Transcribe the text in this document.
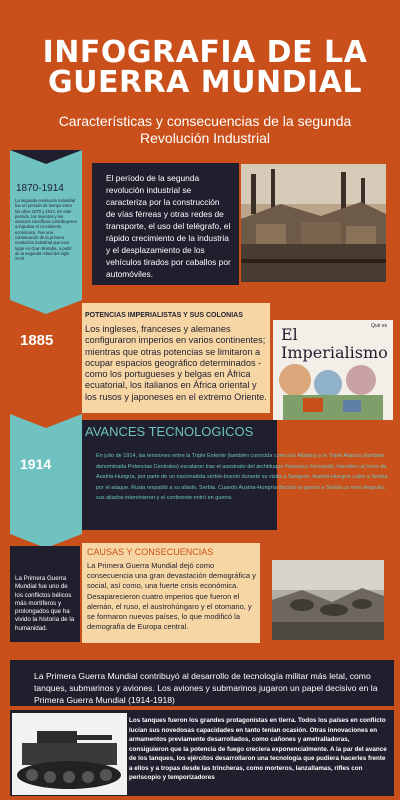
INFOGRAFIA DE LA
GUERRA MUNDIAL
Características y consecuencias de la segunda Revolución Industrial
1870-1914
La segunda revolución industrial fue un periodo de tiempo entre los años 1870 y 1914. En este periodo, los inventos y los avances científicos contribuyeron a impulsar el crecimiento económico. Fue una continuación de la primera revolución industrial que tuvo lugar en Gran Bretaña, a partir de la segunda mitad del siglo XVIII.
El período de la segunda revolución industrial se caracteriza por la construcción de vías férreas y otras redes de transporte, el uso del telégrafo, el rápido crecimiento de la industria y el desplazamiento de los vehículos tirados por caballos por automóviles.
1885
POTENCIAS IMPERIALISTAS Y SUS COLONIAS
Los ingleses, franceses y alemanes configuraron imperios en varios continentes; mientras que otras potencias se limitaron a ocupar espacios geográfico determinados -como los portugueses y belgas en África ecuatorial, los italianos en África oriental y los rusos y japoneses en el extremo Oriente.
El Imperialismo
Qué es
AVANCES TECNOLOGICOS
1914	En julio de 1914, las tensiones entre la Triple Entente (también conocida como los Aliados) y la Triple Alianza (también denominada Potencias Centrales) escalaron tras el asesinato del archiduque Francisco Fernando, heredero al trono de Austria-Hungría, por parte de un nacionalista serbio-bosnio durante su visita a Sarajevo. Austria-Hungría culpó a Serbia por el ataque. Rusia respaldó a su aliado, Serbia. Cuando Austria-Hungría declaró la guerra a Serbia un mes después, sus aliados intervinieron y el continente entró en guerra.
La Primera Guerra Mundial fue uno de los conflictos bélicos más mortíferos y prolongados que ha vivido la historia de la humanidad.
CAUSAS Y CONSECUENCIAS
La Primera Guerra Mundial dejó como consecuencia una gran devastación demográfica y social, así como, una fuerte crisis económica. Desaparecieron cuatro imperios que fueron el alemán, el ruso, el austrohúngaro y el otomano, y se formaron nuevos países, lo que modificó la demografía de Europa central.
La Primera Guerra Mundial contribuyó al desarrollo de tecnología militar más letal, como tanques, submarinos y aviones. Los aviones y submarinos jugaron un papel decisivo en la Primera Guerra Mundial (1914-1918)
Los tanques fueron los grandes protagonistas en tierra. Todos los países en conflicto lucían sus novedosas capacidades en tanto tenían ocasión. Otras innovaciones en armamentos previamente desarrollados, como cañones y ametralladoras, consiguieron que la potencia de fuego creciera exponencialmente. A la par del avance de los tanques, los ejércitos desarrollaron una tecnología que pudiera hacerles frente a ellos y a tropas desde las trincheras, como morteros, lanzallamas, rifles con periscopio y temporizadores
